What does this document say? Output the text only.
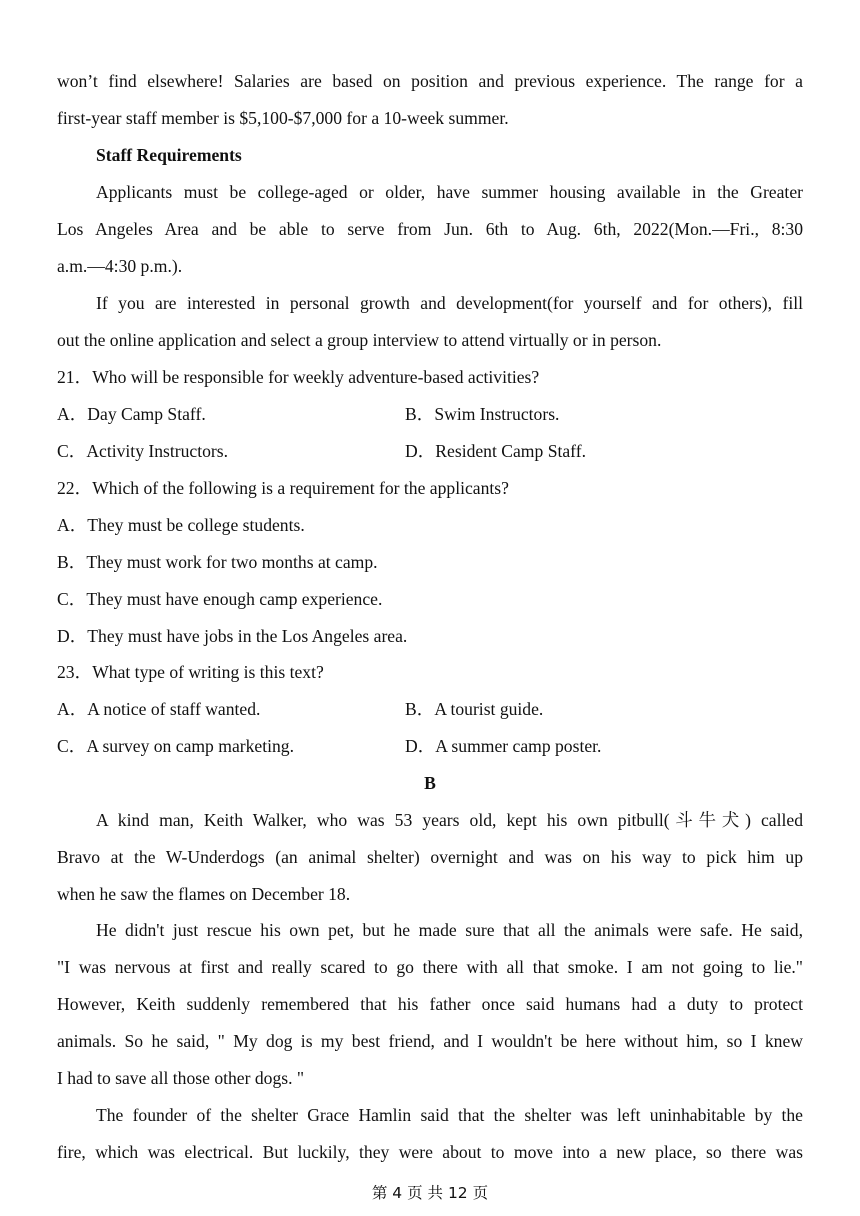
won’t find elsewhere! Salaries are based on position and previous experience. The range for a
first-year staff member is $5,100-$7,000 for a 10-week summer.
Staff Requirements
Applicants must be college-aged or older, have summer housing available in the Greater
Los Angeles Area and be able to serve from Jun. 6th to Aug. 6th, 2022(Mon.—Fri., 8:30
a.m.—4:30 p.m.).
If you are interested in personal growth and development(for yourself and for others), fill
out the online application and select a group interview to attend virtually or in person.
21．Who will be responsible for weekly adventure-based activities?
A．Day Camp Staff.	B．Swim Instructors.
C．Activity Instructors.	D．Resident Camp Staff.
22．Which of the following is a requirement for the applicants?
A．They must be college students.
B．They must work for two months at camp.
C．They must have enough camp experience.
D．They must have jobs in the Los Angeles area.
23．What type of writing is this text?
A．A notice of staff wanted.	B．A tourist guide.
C．A survey on camp marketing.	D．A summer camp poster.
B
A kind man, Keith Walker, who was 53 years old, kept his own pitbull(斗牛犬) called
Bravo at the W-Underdogs (an animal shelter) overnight and was on his way to pick him up
when he saw the flames on December 18.
He didn't just rescue his own pet, but he made sure that all the animals were safe. He said,
"I was nervous at first and really scared to go there with all that smoke. I am not going to lie."
However, Keith suddenly remembered that his father once said humans had a duty to protect
animals. So he said, " My dog is my best friend, and I wouldn't be here without him, so I knew
I had to save all those other dogs. "
The founder of the shelter Grace Hamlin said that the shelter was left uninhabitable by the
fire, which was electrical. But luckily, they were about to move into a new place, so there was
第 4 页 共 12 页
